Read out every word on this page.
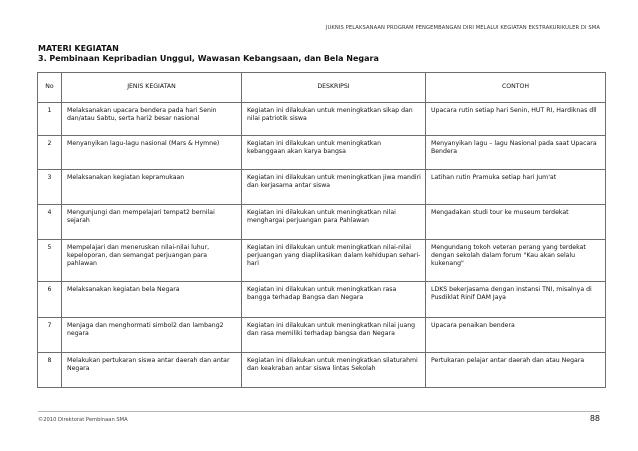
JUKNIS PELAKSANAAN PROGRAM PENGEMBANGAN DIRI MELALUI KEGIATAN EKSTRAKURIKULER DI SMA
MATERI KEGIATAN
3. Pembinaan Kepribadian Unggul, Wawasan Kebangsaan, dan Bela Negara
No	JENIS KEGIATAN	DESKRIPSI	CONTOH
1	Melaksanakan upacara bendera pada hari Senin dan/atau Sabtu, serta hari2 besar nasional	Kegiatan ini dilakukan untuk meningkatkan sikap dan nilai patriotik siswa	Upacara rutin setiap hari Senin, HUT RI, Hardiknas dll
2	Menyanyikan lagu-lagu nasional (Mars & Hymne)	Kegiatan ini dilakukan untuk meningkatkan kebanggaan akan karya bangsa	Menyanyikan lagu – lagu Nasional pada saat Upacara Bendera
3	Melaksanakan kegiatan kepramukaan	Kegiatan ini dilakukan untuk meningkatkan jiwa mandiri dan kerjasama antar siswa	Latihan rutin Pramuka setiap hari Jum'at
4	Mengunjungi dan mempelajari tempat2 bernilai sejarah	Kegiatan ini dilakukan untuk meningkatkan nilai menghargai perjuangan para Pahlawan	Mengadakan studi tour ke museum terdekat
5	Mempelajari dan meneruskan nilai-nilai luhur, kepeloporan, dan semangat perjuangan para pahlawan	Kegiatan ini dilakukan untuk meningkatkan nilai-nilai perjuangan yang diaplikasikan dalam kehidupan sehari-hari	Mengundang tokoh veteran perang yang terdekat dengan sekolah dalam forum "Kau akan selalu kukenang"
6	Melaksanakan kegiatan bela Negara	Kegiatan ini dilakukan untuk meningkatkan rasa bangga terhadap Bangsa dan Negara	LDKS bekerjasama dengan instansi TNI, misalnya di Pusdiklat Rinif DAM Jaya
7	Menjaga dan menghormati simbol2 dan lambang2 negara	Kegiatan ini dilakukan untuk meningkatkan nilai juang dan rasa memiliki terhadap bangsa dan Negara	Upacara penaikan bendera
8	Melakukan pertukaran siswa antar daerah dan antar Negara	Kegiatan ini dilakukan untuk meningkatkan silaturahmi dan keakraban antar siswa lintas Sekolah	Pertukaran pelajar antar daerah dan atau Negara
©2010 Direktorat Pembinaan SMA	88
